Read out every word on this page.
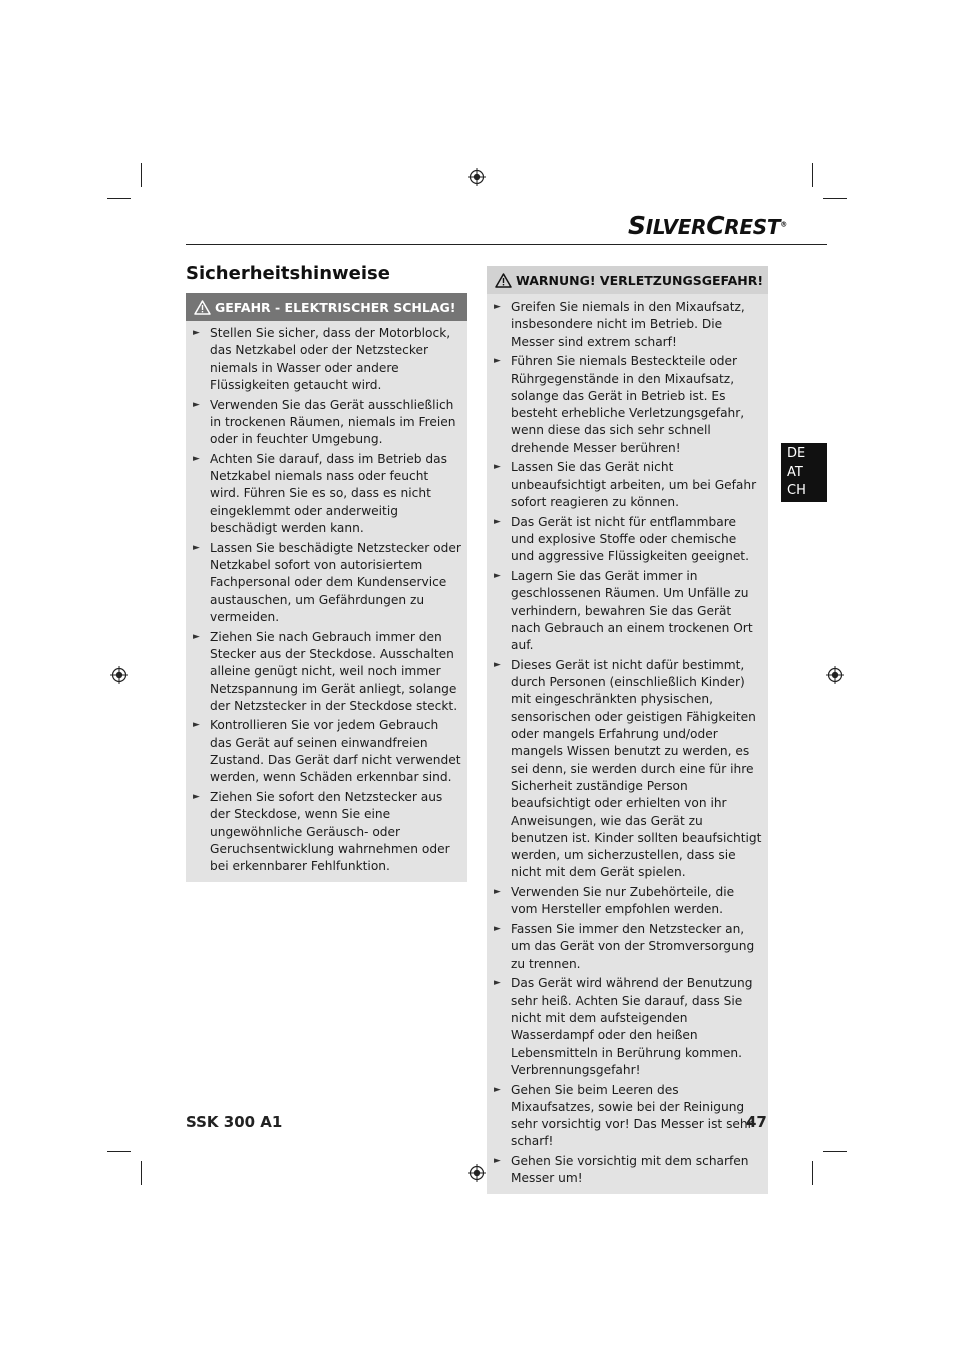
SILVERCREST®
Sicherheitshinweise
GEFAHR - ELEKTRISCHER SCHLAG!
► Stellen Sie sicher, dass der Motorblock, das Netzkabel oder der Netzstecker niemals in Wasser oder andere Flüssigkeiten getaucht wird.
► Verwenden Sie das Gerät ausschließlich in trockenen Räumen, niemals im Freien oder in feuchter Umgebung.
► Achten Sie darauf, dass im Betrieb das Netzkabel niemals nass oder feucht wird. Führen Sie es so, dass es nicht eingeklemmt oder anderweitig beschädigt werden kann.
► Lassen Sie beschädigte Netzstecker oder Netzkabel sofort von autorisiertem Fachpersonal oder dem Kundenservice austauschen, um Gefährdungen zu vermeiden.
► Ziehen Sie nach Gebrauch immer den Stecker aus der Steckdose. Ausschalten alleine genügt nicht, weil noch immer Netzspannung im Gerät anliegt, solange der Netzstecker in der Steckdose steckt.
► Kontrollieren Sie vor jedem Gebrauch das Gerät auf seinen einwandfreien Zustand. Das Gerät darf nicht verwendet werden, wenn Schäden erkennbar sind.
► Ziehen Sie sofort den Netzstecker aus der Steckdose, wenn Sie eine ungewöhnliche Geräusch- oder Geruchsentwicklung wahrnehmen oder bei erkennbarer Fehlfunktion.
WARNUNG! VERLETZUNGSGEFAHR!
► Greifen Sie niemals in den Mixaufsatz, insbesondere nicht im Betrieb. Die Messer sind extrem scharf!
► Führen Sie niemals Besteckteile oder Rührgegenstände in den Mixaufsatz, solange das Gerät in Betrieb ist. Es besteht erhebliche Verletzungsgefahr, wenn diese das sich sehr schnell drehende Messer berühren!
► Lassen Sie das Gerät nicht unbeaufsichtigt arbeiten, um bei Gefahr sofort reagieren zu können.
► Das Gerät ist nicht für entflammbare und explosive Stoffe oder chemische und aggressive Flüssigkeiten geeignet.
► Lagern Sie das Gerät immer in geschlossenen Räumen. Um Unfälle zu verhindern, bewahren Sie das Gerät nach Gebrauch an einem trockenen Ort auf.
► Dieses Gerät ist nicht dafür bestimmt, durch Personen (einschließlich Kinder) mit eingeschränkten physischen, sensorischen oder geistigen Fähigkeiten oder mangels Erfahrung und/oder mangels Wissen benutzt zu werden, es sei denn, sie werden durch eine für ihre Sicherheit zuständige Person beaufsichtigt oder erhielten von ihr Anweisungen, wie das Gerät zu benutzen ist. Kinder sollten beaufsichtigt werden, um sicherzustellen, dass sie nicht mit dem Gerät spielen.
► Verwenden Sie nur Zubehörteile, die vom Hersteller empfohlen werden.
► Fassen Sie immer den Netzstecker an, um das Gerät von der Stromversorgung zu trennen.
► Das Gerät wird während der Benutzung sehr heiß. Achten Sie darauf, dass Sie nicht mit dem aufsteigenden Wasserdampf oder den heißen Lebensmitteln in Berührung kommen. Verbrennungsgefahr!
► Gehen Sie beim Leeren des Mixaufsatzes, sowie bei der Reinigung sehr vorsichtig vor! Das Messer ist sehr scharf!
► Gehen Sie vorsichtig mit dem scharfen Messer um!
DE
AT
CH
SSK 300 A1	47
